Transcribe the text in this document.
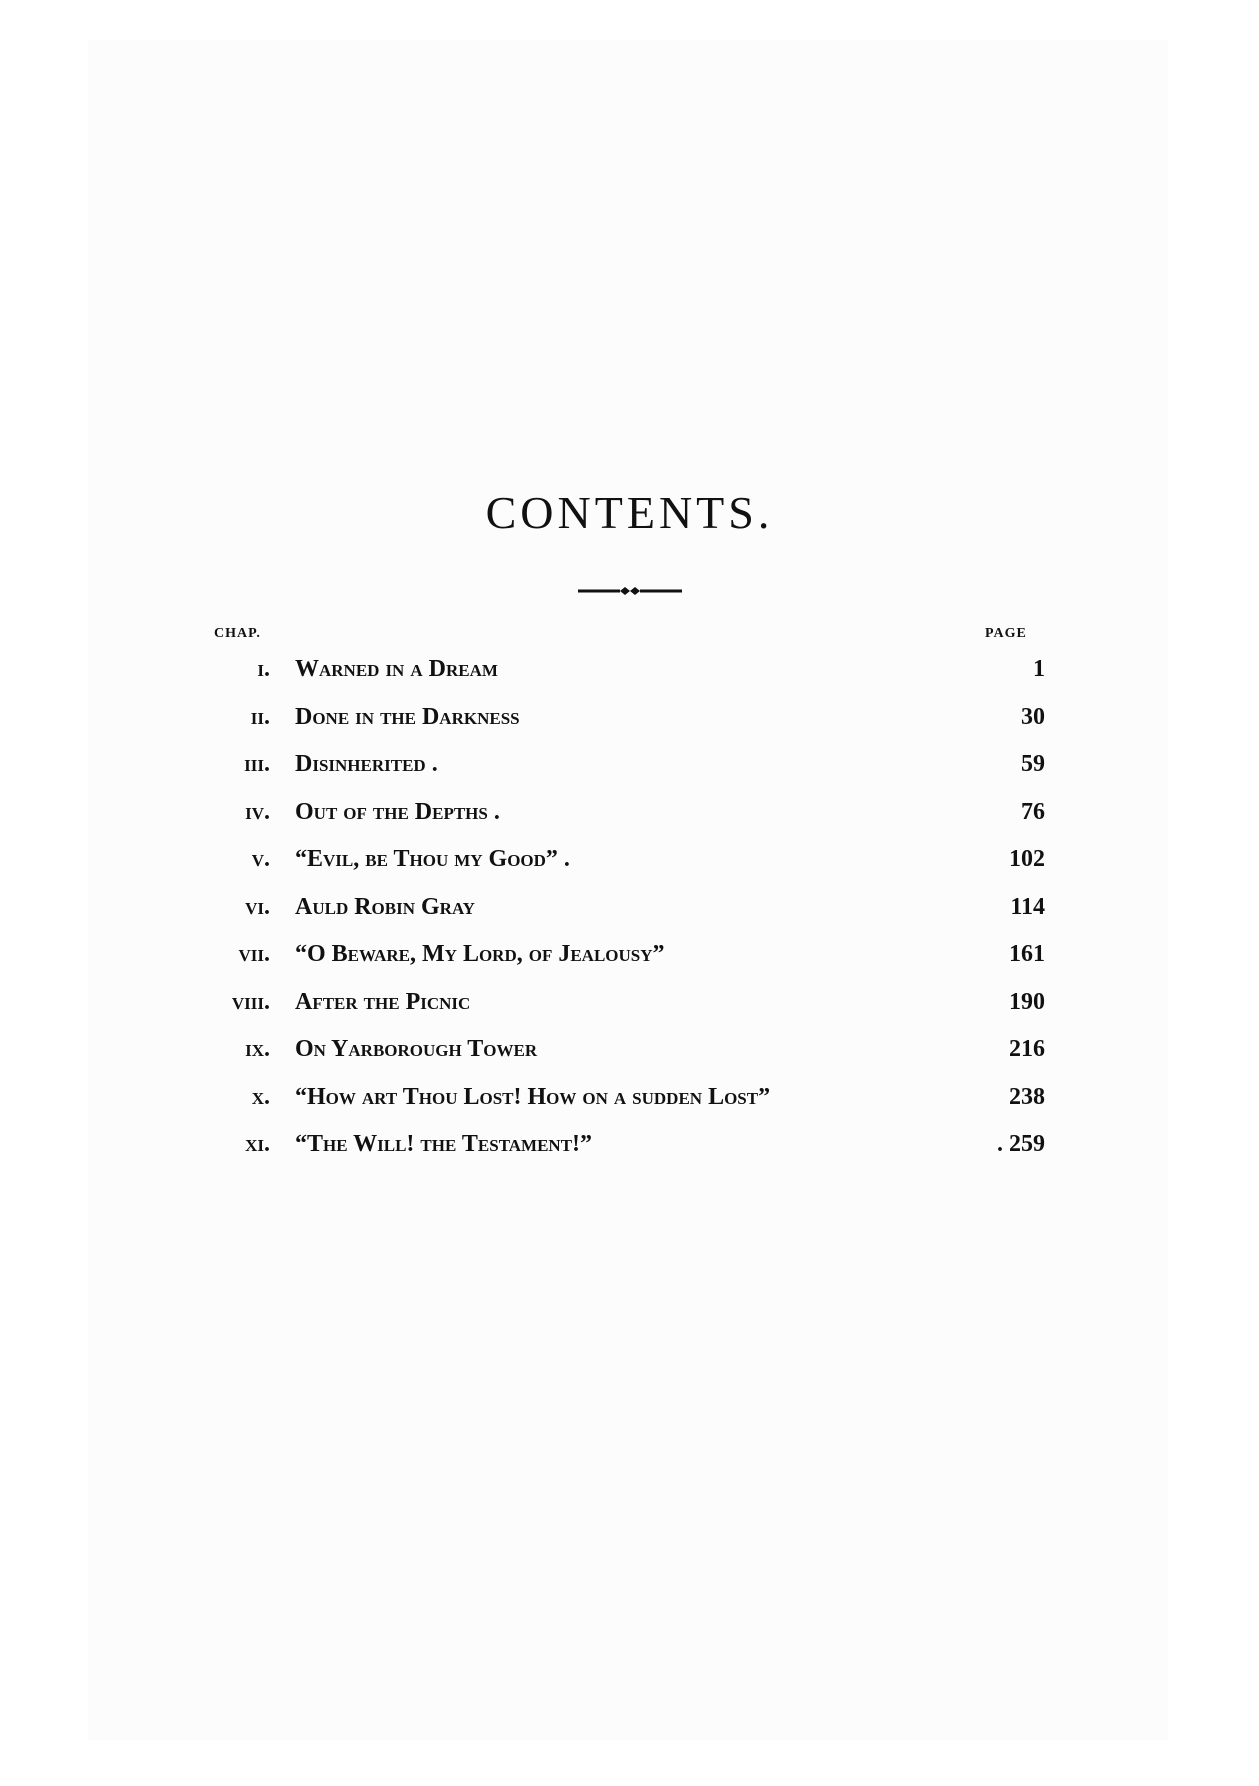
CONTENTS.
CHAP.	PAGE
i. Warned in a Dream	1
ii. Done in the Darkness	30
iii. Disinherited .	59
iv. Out of the Depths .	76
v. “Evil, be Thou my Good” .	102
vi. Auld Robin Gray	114
vii. “O Beware, My Lord, of Jealousy”	161
viii. After the Picnic	190
ix. On Yarborough Tower	216
x. “How art Thou Lost! How on a sudden Lost”	238
xi. “The Will! the Testament!”	. 259
